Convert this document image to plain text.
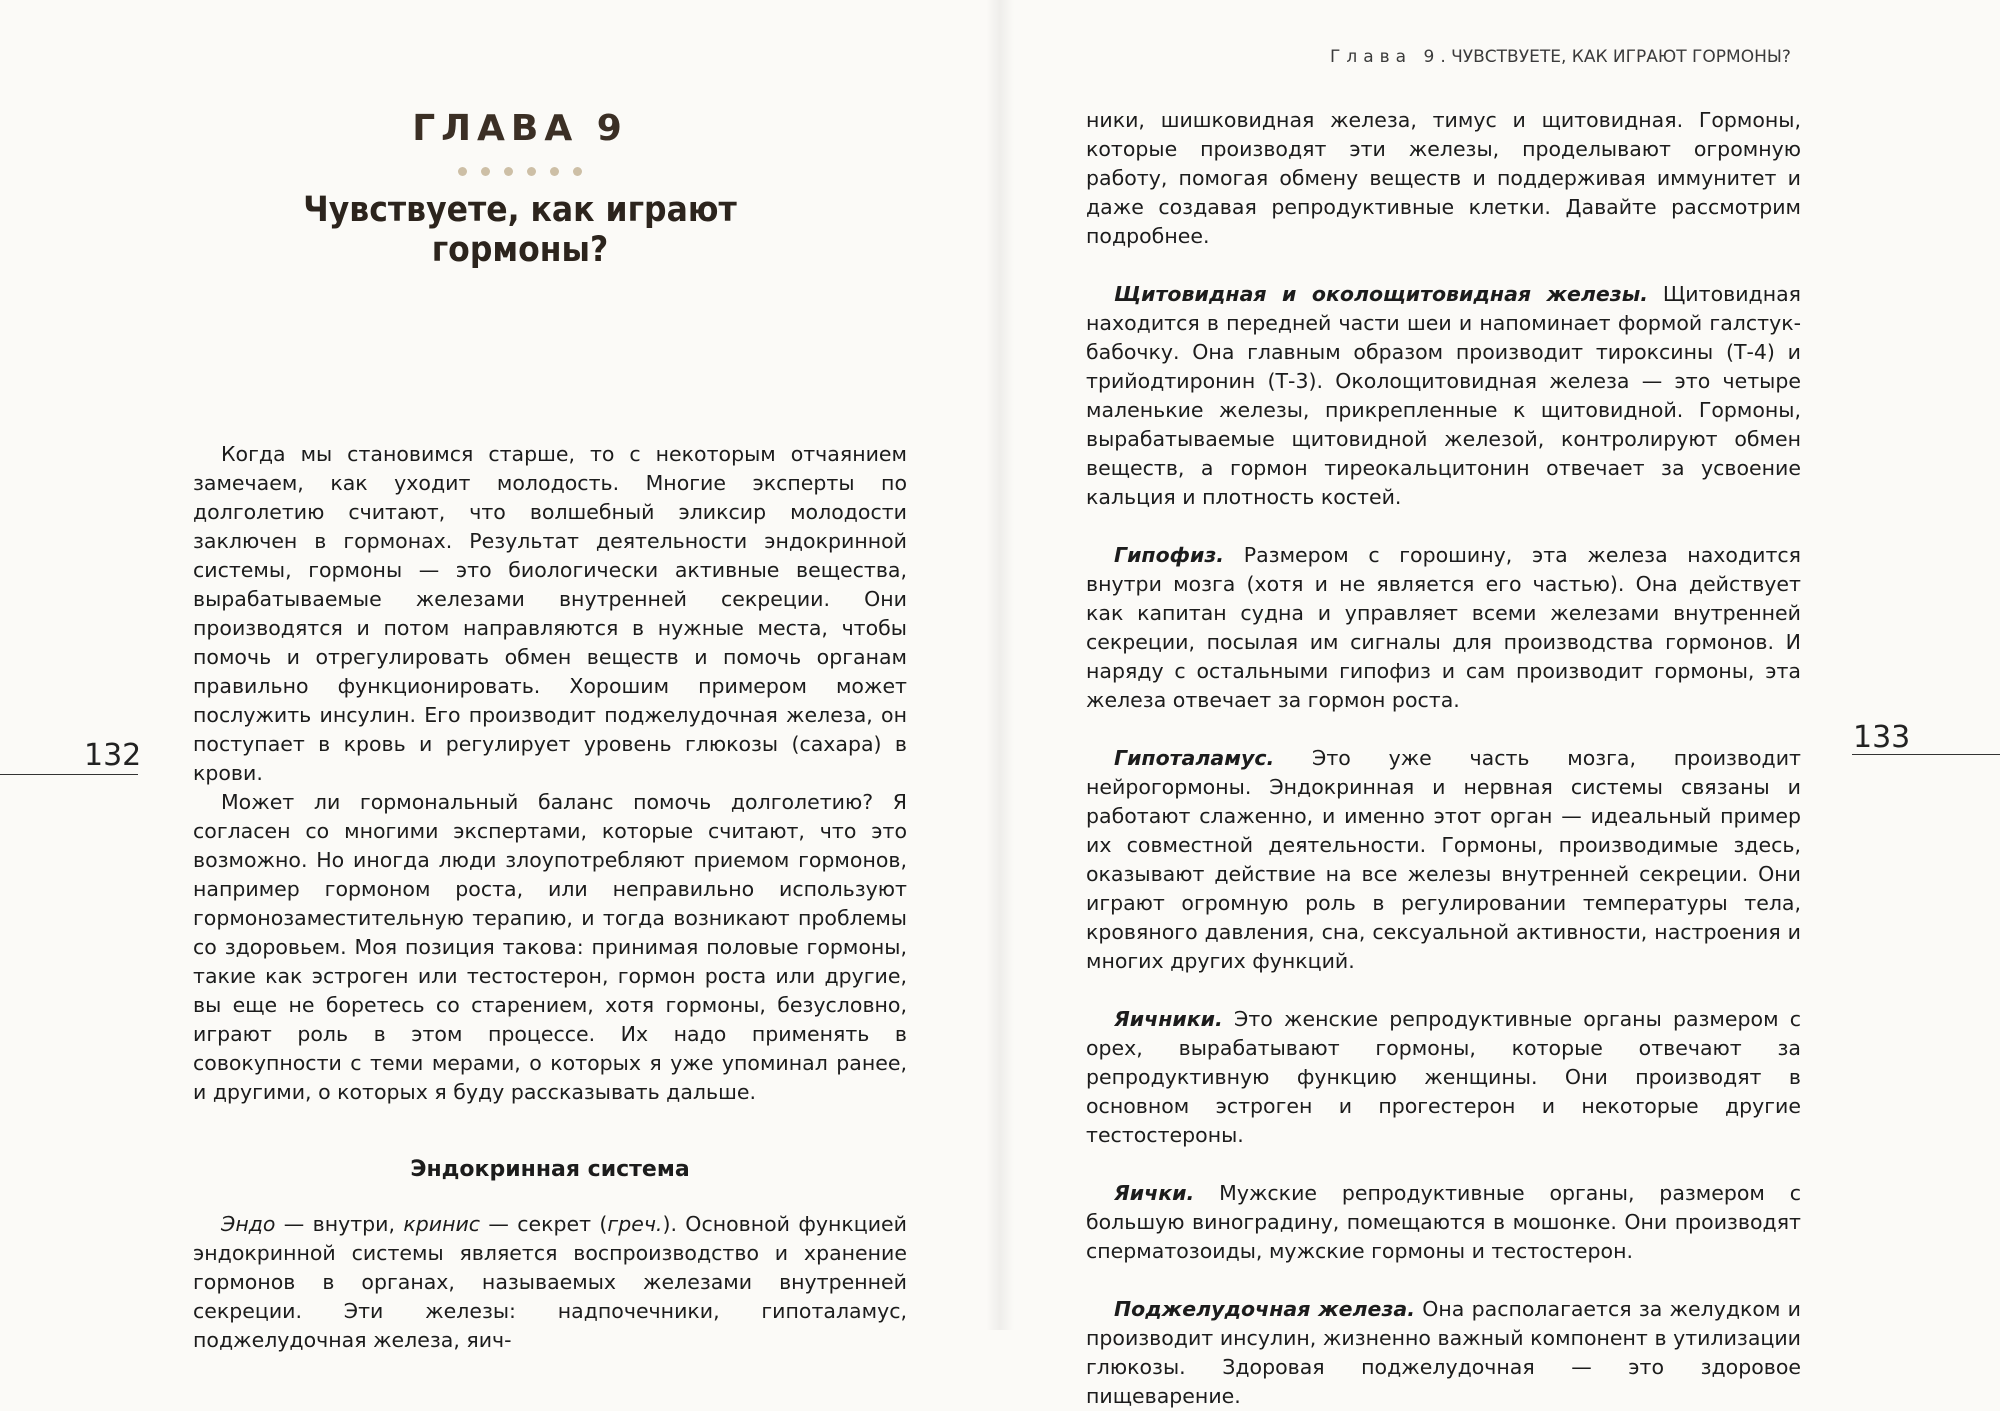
ГЛАВА 9
Чувствуете, как играют гормоны?

Когда мы становимся старше, то с некоторым отчаянием замечаем, как уходит молодость. Многие эксперты по долголетию считают, что волшебный эликсир молодости заключен в гормонах. Результат деятельности эндокринной системы, гормоны — это биологически активные вещества, вырабатываемые железами внутренней секреции. Они производятся и потом направляются в нужные места, чтобы помочь и отрегулировать обмен веществ и помочь органам правильно функционировать. Хорошим примером может послужить инсулин. Его производит поджелудочная железа, он поступает в кровь и регулирует уровень глюкозы (сахара) в крови.

Может ли гормональный баланс помочь долголетию? Я согласен со многими экспертами, которые считают, что это возможно. Но иногда люди злоупотребляют приемом гормонов, например гормоном роста, или неправильно используют гормонозаместительную терапию, и тогда возникают проблемы со здоровьем. Моя позиция такова: принимая половые гормоны, такие как эстроген или тестостерон, гормон роста или другие, вы еще не боретесь со старением, хотя гормоны, безусловно, играют роль в этом процессе. Их надо применять в совокупности с теми мерами, о которых я уже упоминал ранее, и другими, о которых я буду рассказывать дальше.

Эндокринная система

Эндо — внутри, кринис — секрет (греч.). Основной функцией эндокринной системы является воспроизводство и хранение гормонов в органах, называемых железами внутренней секреции. Эти железы: надпочечники, гипоталамус, поджелудочная железа, яич-

132
Глава 9. ЧУВСТВУЕТЕ, КАК ИГРАЮТ ГОРМОНЫ?

ники, шишковидная железа, тимус и щитовидная. Гормоны, которые производят эти железы, проделывают огромную работу, помогая обмену веществ и поддерживая иммунитет и даже создавая репродуктивные клетки. Давайте рассмотрим подробнее.

Щитовидная и околощитовидная железы. Щитовидная находится в передней части шеи и напоминает формой галстук-бабочку. Она главным образом производит тироксины (Т-4) и трийодтиронин (Т-3). Околощитовидная железа — это четыре маленькие железы, прикрепленные к щитовидной. Гормоны, вырабатываемые щитовидной железой, контролируют обмен веществ, а гормон тиреокальцитонин отвечает за усвоение кальция и плотность костей.

Гипофиз. Размером с горошину, эта железа находится внутри мозга (хотя и не является его частью). Она действует как капитан судна и управляет всеми железами внутренней секреции, посылая им сигналы для производства гормонов. И наряду с остальными гипофиз и сам производит гормоны, эта железа отвечает за гормон роста.

Гипоталамус. Это уже часть мозга, производит нейрогормоны. Эндокринная и нервная системы связаны и работают слаженно, и именно этот орган — идеальный пример их совместной деятельности. Гормоны, производимые здесь, оказывают действие на все железы внутренней секреции. Они играют огромную роль в регулировании температуры тела, кровяного давления, сна, сексуальной активности, настроения и многих других функций.

Яичники. Это женские репродуктивные органы размером с орех, вырабатывают гормоны, которые отвечают за репродуктивную функцию женщины. Они производят в основном эстроген и прогестерон и некоторые другие тестостероны.

Яички. Мужские репродуктивные органы, размером с большую виноградину, помещаются в мошонке. Они производят сперматозоиды, мужские гормоны и тестостерон.

Поджелудочная железа. Она располагается за желудком и производит инсулин, жизненно важный компонент в утилизации глюкозы. Здоровая поджелудочная — это здоровое пищеварение.

133
